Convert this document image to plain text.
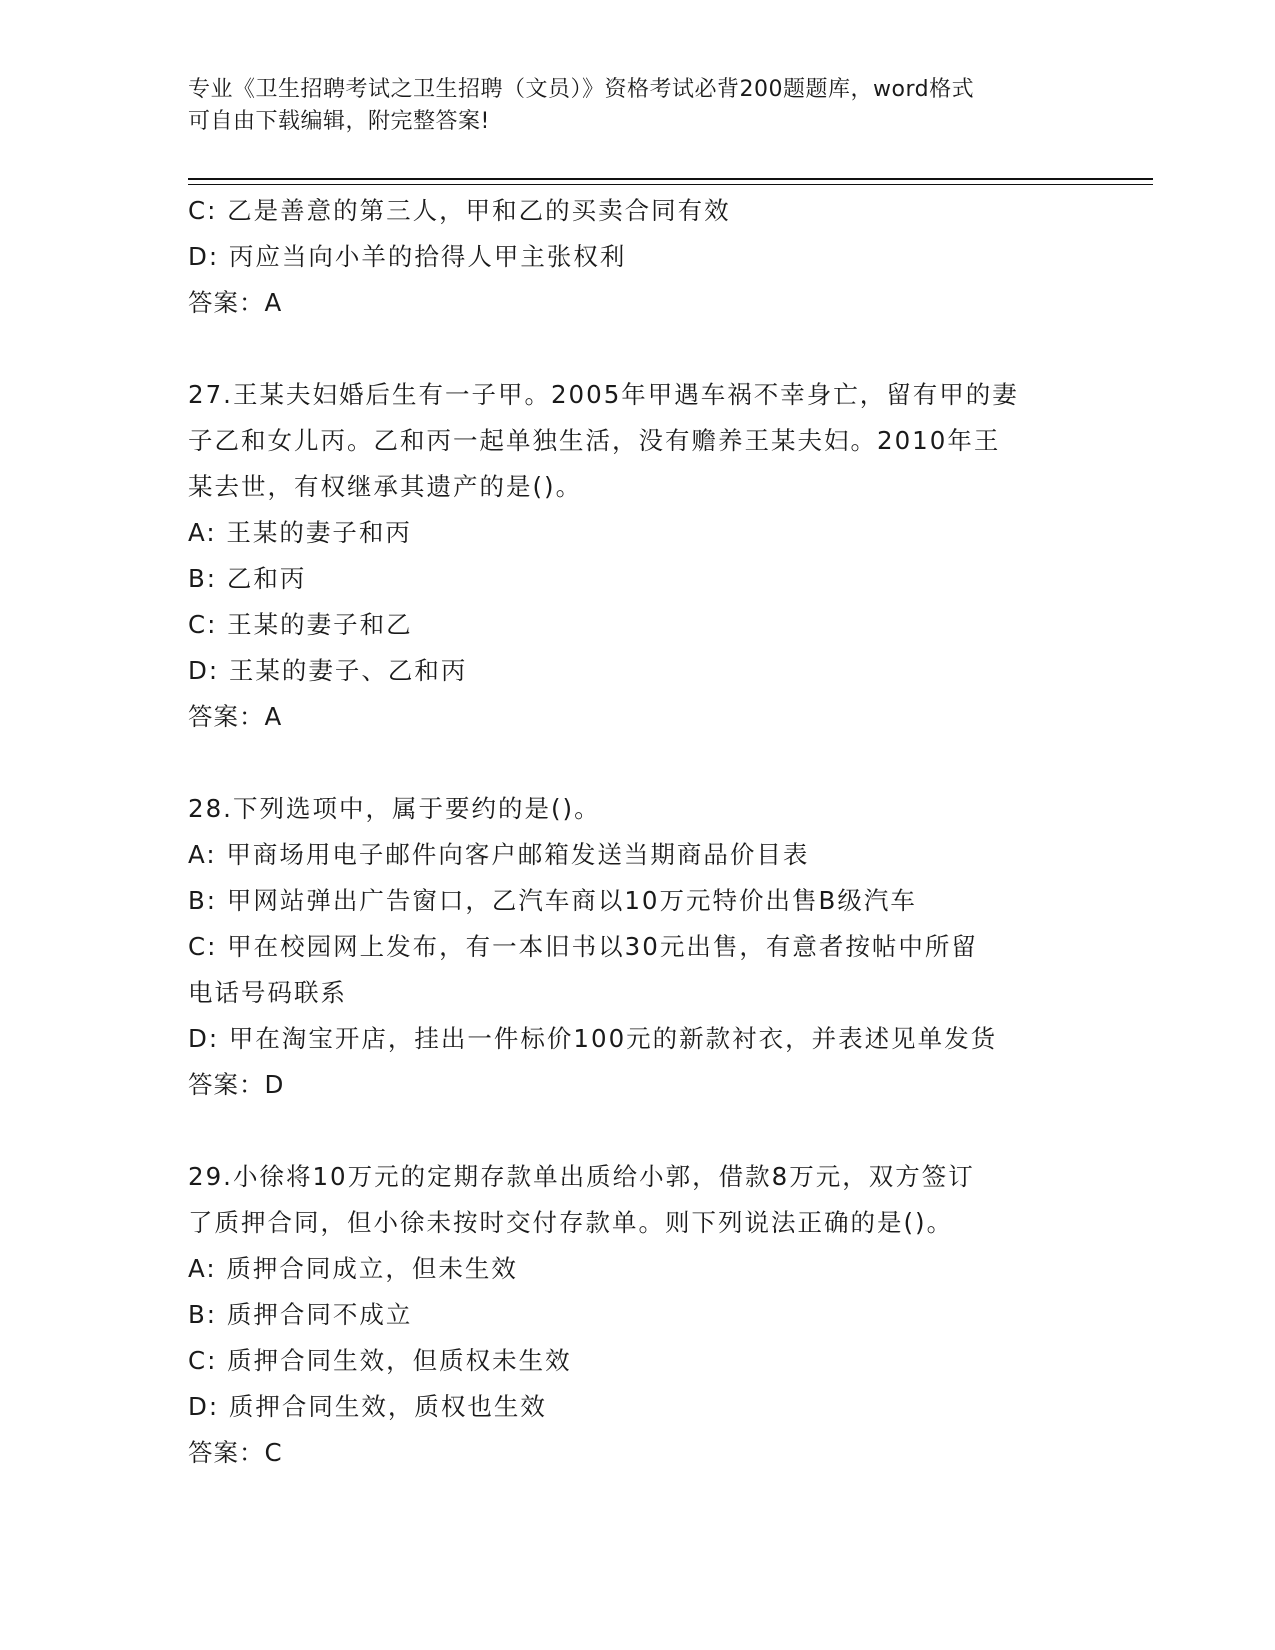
专业《卫生招聘考试之卫生招聘（文员）》资格考试必背200题题库，word格式
可自由下载编辑，附完整答案!
C: 乙是善意的第三人，甲和乙的买卖合同有效
D: 丙应当向小羊的拾得人甲主张权利
答案：A
27.王某夫妇婚后生有一子甲。2005年甲遇车祸不幸身亡，留有甲的妻
子乙和女儿丙。乙和丙一起单独生活，没有赡养王某夫妇。2010年王
某去世，有权继承其遗产的是()。
A: 王某的妻子和丙
B: 乙和丙
C: 王某的妻子和乙
D: 王某的妻子、乙和丙
答案：A
28.下列选项中，属于要约的是()。
A: 甲商场用电子邮件向客户邮箱发送当期商品价目表
B: 甲网站弹出广告窗口，乙汽车商以10万元特价出售B级汽车
C: 甲在校园网上发布，有一本旧书以30元出售，有意者按帖中所留
电话号码联系
D: 甲在淘宝开店，挂出一件标价100元的新款衬衣，并表述见单发货
答案：D
29.小徐将10万元的定期存款单出质给小郭，借款8万元，双方签订
了质押合同，但小徐未按时交付存款单。则下列说法正确的是()。
A: 质押合同成立，但未生效
B: 质押合同不成立
C: 质押合同生效，但质权未生效
D: 质押合同生效，质权也生效
答案：C
